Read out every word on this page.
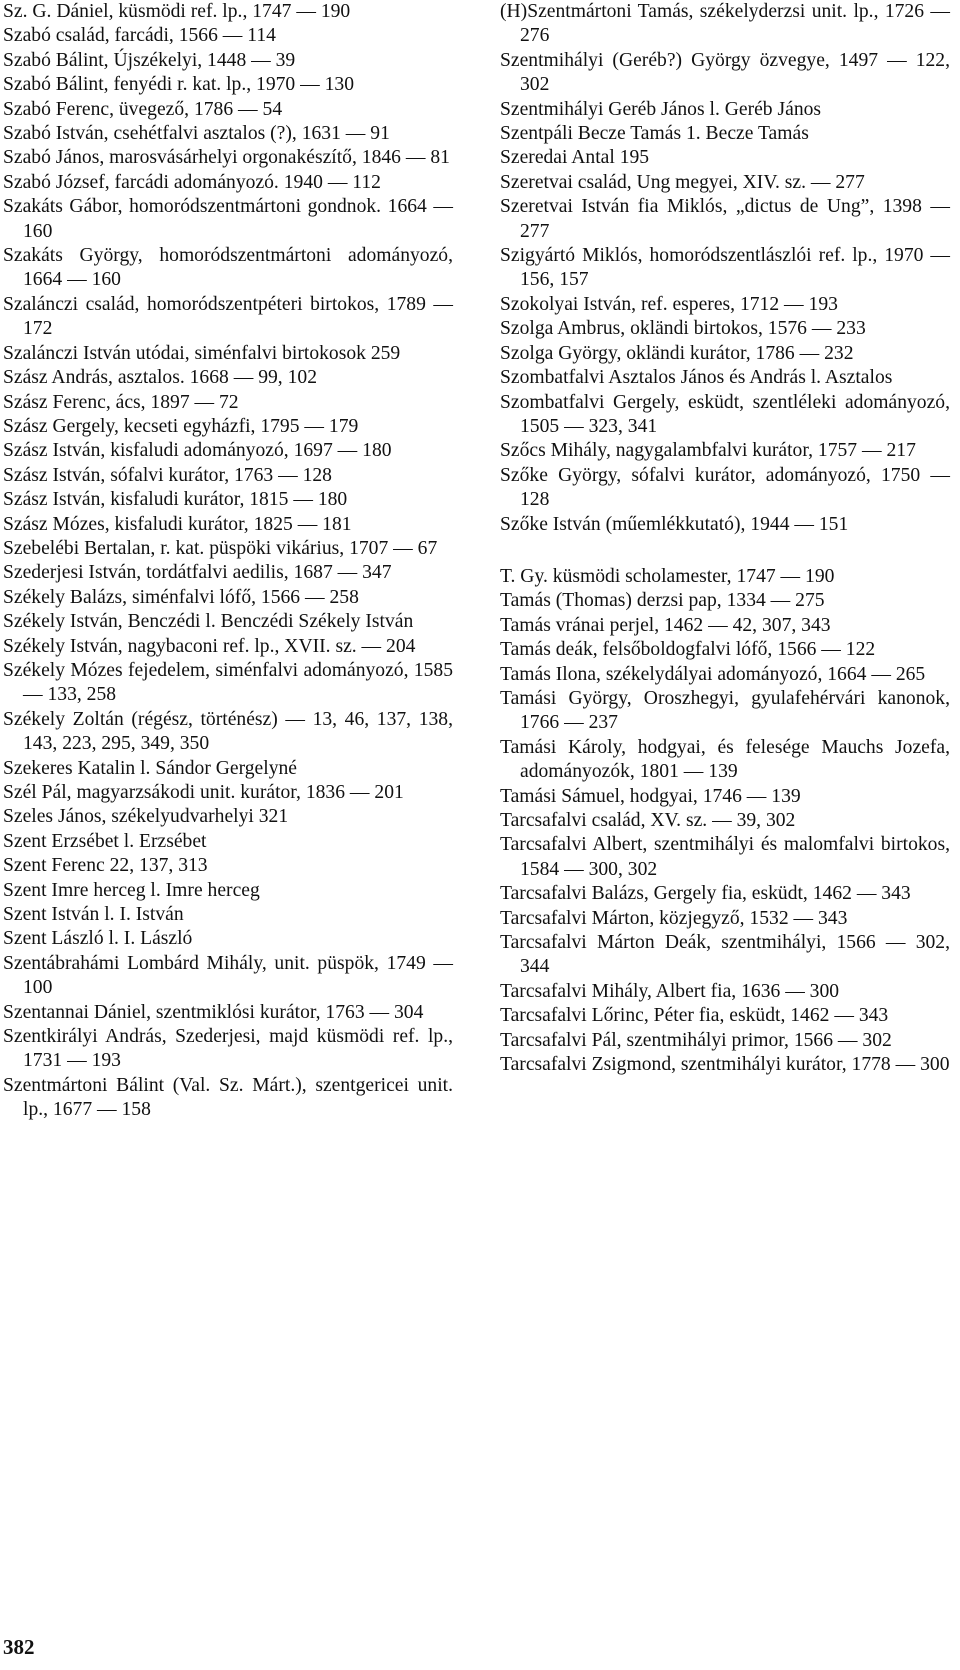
Sz. G. Dániel, küsmödi ref. lp., 1747 — 190

Szabó család, farcádi, 1566 — 114

Szabó Bálint, Újszékelyi, 1448 — 39

Szabó Bálint, fenyédi r. kat. lp., 1970 — 130

Szabó Ferenc, üvegező, 1786 — 54

Szabó István, csehétfalvi asztalos (?), 1631 — 91

Szabó János, marosvásárhelyi orgonakészítő, 1846 — 81

Szabó József, farcádi adományozó. 1940 — 112

Szakáts Gábor, homoródszentmártoni gondnok. 1664 — 160

Szakáts György, homoródszentmártoni adományozó, 1664 — 160

Szalánczi család, homoródszentpéteri birtokos, 1789 — 172

Szalánczi István utódai, siménfalvi birtokosok 259

Szász András, asztalos. 1668 — 99, 102

Szász Ferenc, ács, 1897 — 72

Szász Gergely, kecseti egyházfi, 1795 — 179

Szász István, kisfaludi adományozó, 1697 — 180

Szász István, sófalvi kurátor, 1763 — 128

Szász István, kisfaludi kurátor, 1815 — 180

Szász Mózes, kisfaludi kurátor, 1825 — 181

Szebelébi Bertalan, r. kat. püspöki vikárius, 1707 — 67

Szederjesi István, tordátfalvi aedilis, 1687 — 347

Székely Balázs, siménfalvi lófő, 1566 — 258

Székely István, Benczédi l. Benczédi Székely István

Székely István, nagybaconi ref. lp., XVII. sz. — 204

Székely Mózes fejedelem, siménfalvi adományozó, 1585 — 133, 258

Székely Zoltán (régész, történész) — 13, 46, 137, 138, 143, 223, 295, 349, 350

Szekeres Katalin l. Sándor Gergelyné

Szél Pál, magyarzsákodi unit. kurátor, 1836 — 201

Szeles János, székelyudvarhelyi 321

Szent Erzsébet l. Erzsébet

Szent Ferenc 22, 137, 313

Szent Imre herceg l. Imre herceg

Szent István l. I. István

Szent László l. I. László

Szentábrahámi Lombárd Mihály, unit. püspök, 1749 — 100

Szentannai Dániel, szentmiklósi kurátor, 1763 — 304

Szentkirályi András, Szederjesi, majd küsmödi ref. lp., 1731 — 193

Szentmártoni Bálint (Val. Sz. Márt.), szentgericei unit. lp., 1677 — 158

(H)Szentmártoni Tamás, székelyderzsi unit. lp., 1726 — 276

Szentmihályi (Geréb?) György özvegye, 1497 — 122, 302

Szentmihályi Geréb János l. Geréb János

Szentpáli Becze Tamás 1. Becze Tamás

Szeredai Antal 195

Szeretvai család, Ung megyei, XIV. sz. — 277

Szeretvai István fia Miklós, „dictus de Ung”, 1398 — 277

Szigyártó Miklós, homoródszentlászlói ref. lp., 1970 — 156, 157

Szokolyai István, ref. esperes, 1712 — 193

Szolga Ambrus, okländi birtokos, 1576 — 233

Szolga György, okländi kurátor, 1786 — 232

Szombatfalvi Asztalos János és András l. Asztalos

Szombatfalvi Gergely, esküdt, szentléleki adományozó, 1505 — 323, 341

Szőcs Mihály, nagygalambfalvi kurátor, 1757 — 217

Szőke György, sófalvi kurátor, adományozó, 1750 — 128

Szőke István (műemlékkutató), 1944 — 151

T. Gy. küsmödi scholamester, 1747 — 190

Tamás (Thomas) derzsi pap, 1334 — 275

Tamás vránai perjel, 1462 — 42, 307, 343

Tamás deák, felsőboldogfalvi lófő, 1566 — 122

Tamás Ilona, székelydályai adományozó, 1664 — 265

Tamási György, Oroszhegyi, gyulafehérvári kanonok, 1766 — 237

Tamási Károly, hodgyai, és felesége Mauchs Jozefa, adományozók, 1801 — 139

Tamási Sámuel, hodgyai, 1746 — 139

Tarcsafalvi család, XV. sz. — 39, 302

Tarcsafalvi Albert, szentmihályi és malomfalvi birtokos, 1584 — 300, 302

Tarcsafalvi Balázs, Gergely fia, esküdt, 1462 — 343

Tarcsafalvi Márton, közjegyző, 1532 — 343

Tarcsafalvi Márton Deák, szentmihályi, 1566 — 302, 344

Tarcsafalvi Mihály, Albert fia, 1636 — 300

Tarcsafalvi Lőrinc, Péter fia, esküdt, 1462 — 343

Tarcsafalvi Pál, szentmihályi primor, 1566 — 302

Tarcsafalvi Zsigmond, szentmihályi kurátor, 1778 — 300

382
